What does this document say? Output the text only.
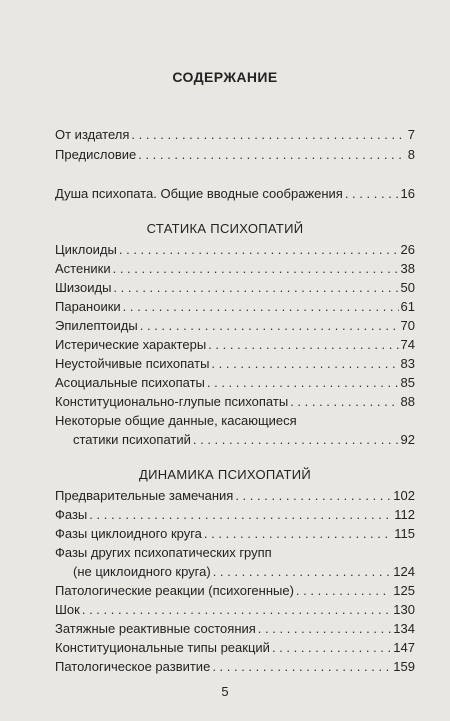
СОДЕРЖАНИЕ
От издателя . . .	7
Предисловие . . .	8
Душа психопата. Общие вводные соображения . . .	16
СТАТИКА ПСИХОПАТИЙ
Циклоиды . . .	26
Астеники . . .	38
Шизоиды . . .	50
Параноики . . .	61
Эпилептоиды . . .	70
Истерические характеры . . .	74
Неустойчивые психопаты . . .	83
Асоциальные психопаты . . .	85
Конституционально-глупые психопаты . . .	88
Некоторые общие данные, касающиеся
статики психопатий . . .	92
ДИНАМИКА ПСИХОПАТИЙ
Предварительные замечания . . .	102
Фазы . . .	112
Фазы циклоидного круга . . .	115
Фазы других психопатических групп
(не циклоидного круга) . . .	124
Патологические реакции (психогенные) . . .	125
Шок . . .	130
Затяжные реактивные состояния . . .	134
Конституциональные типы реакций . . .	147
Патологическое развитие . . .	159
5
